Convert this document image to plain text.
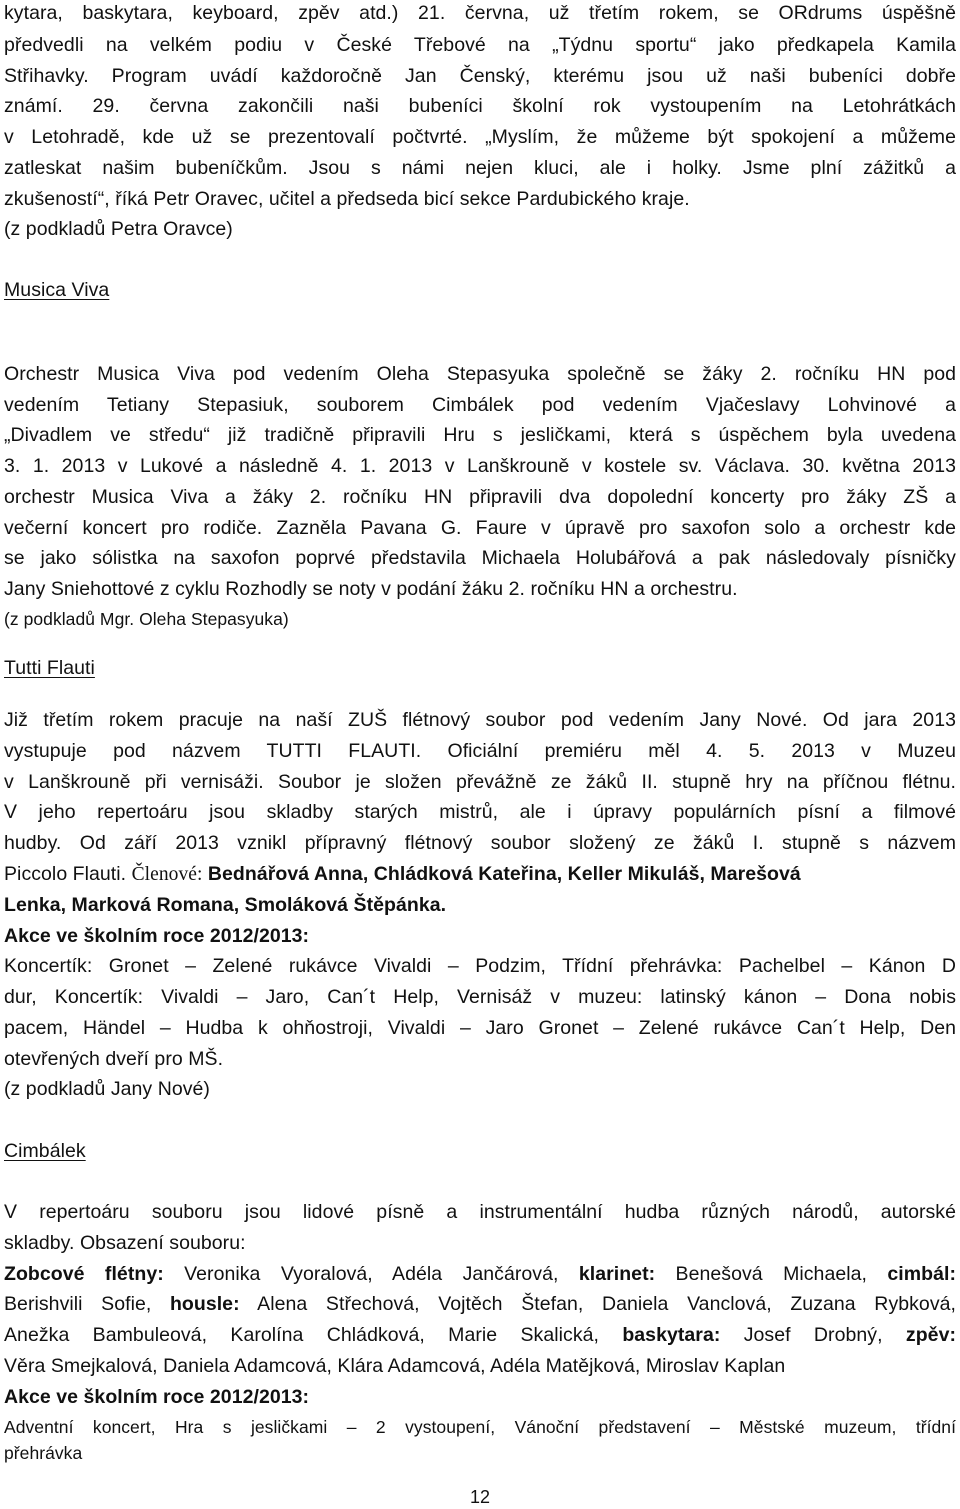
kytara, baskytara, keyboard, zpěv atd.) 21. června, už třetím rokem, se ORdrums úspěšně
předvedli na velkém podiu v České Třebové na „Týdnu sportu“ jako předkapela Kamila
Střihavky. Program uvádí každoročně Jan Čenský, kterému jsou už naši bubeníci dobře
známí. 29. června zakončili naši bubeníci školní rok vystoupením na Letohrátkách
v Letohradě, kde už se prezentovalí počtvrté. „Myslím, že můžeme být spokojení a můžeme
zatleskat našim bubeníčkům. Jsou s námi nejen kluci, ale i holky. Jsme plní zážitků a
zkušeností“, říká Petr Oravec, učitel a předseda bicí sekce Pardubického kraje.
(z podkladů Petra Oravce)
Musica Viva
Orchestr Musica Viva pod vedením Oleha Stepasyuka společně se žáky 2. ročníku HN pod
vedením Tetiany Stepasiuk, souborem Cimbálek pod vedením Vjačeslavy Lohvinové a
„Divadlem ve středu“ již tradičně připravili Hru s jesličkami, která s úspěchem byla uvedena
3. 1. 2013 v Lukové a následně 4. 1. 2013 v Lanškrouně v kostele sv. Václava. 30. května 2013
orchestr Musica Viva a žáky 2. ročníku HN připravili dva dopolední koncerty pro žáky ZŠ a
večerní koncert pro rodiče. Zazněla Pavana G. Faure v úpravě pro saxofon solo a orchestr kde
se jako sólistka na saxofon poprvé představila Michaela Holubářová a pak následovaly písničky
Jany Sniehottové z cyklu Rozhodly se noty v podání žáku 2. ročníku HN a orchestru.
(z podkladů Mgr. Oleha Stepasyuka)
Tutti Flauti
Již třetím rokem pracuje na naší ZUŠ flétnový soubor pod vedením Jany Nové. Od jara 2013
vystupuje pod názvem TUTTI FLAUTI. Oficiální premiéru měl 4. 5. 2013 v Muzeu
v Lanškrouně při vernisáži. Soubor je složen převážně ze žáků II. stupně hry na příčnou flétnu.
V jeho repertoáru jsou skladby starých mistrů, ale i úpravy populárních písní a filmové
hudby. Od září 2013 vznikl přípravný flétnový soubor složený ze žáků I. stupně s názvem
Piccolo Flauti. Členové: Bednářová Anna, Chládková Kateřina, Keller Mikuláš, Marešová
Lenka, Marková Romana, Smoláková Štěpánka.
Akce ve školním roce 2012/2013:
Koncertík: Gronet – Zelené rukávce Vivaldi – Podzim, Třídní přehrávka: Pachelbel – Kánon D
dur, Koncertík: Vivaldi – Jaro, Can´t Help, Vernisáž v muzeu: latinský kánon – Dona nobis
pacem, Händel – Hudba k ohňostroji, Vivaldi – Jaro Gronet – Zelené rukávce Can´t Help, Den
otevřených dveří pro MŠ.
(z podkladů Jany Nové)
Cimbálek
V repertoáru souboru jsou lidové písně a instrumentální hudba různých národů, autorské
skladby. Obsazení souboru:
Zobcové flétny: Veronika Vyoralová, Adéla Jančárová, klarinet: Benešová Michaela, cimbál:
Berishvili Sofie, housle: Alena Střechová, Vojtěch Štefan, Daniela Vanclová, Zuzana Rybková,
Anežka Bambuleová, Karolína Chládková, Marie Skalická, baskytara: Josef Drobný, zpěv:
Věra Smejkalová, Daniela Adamcová, Klára Adamcová, Adéla Matějková, Miroslav Kaplan
Akce ve školním roce 2012/2013:
Adventní koncert, Hra s jesličkami – 2 vystoupení, Vánoční představení – Městské muzeum, třídní
přehrávka
12
